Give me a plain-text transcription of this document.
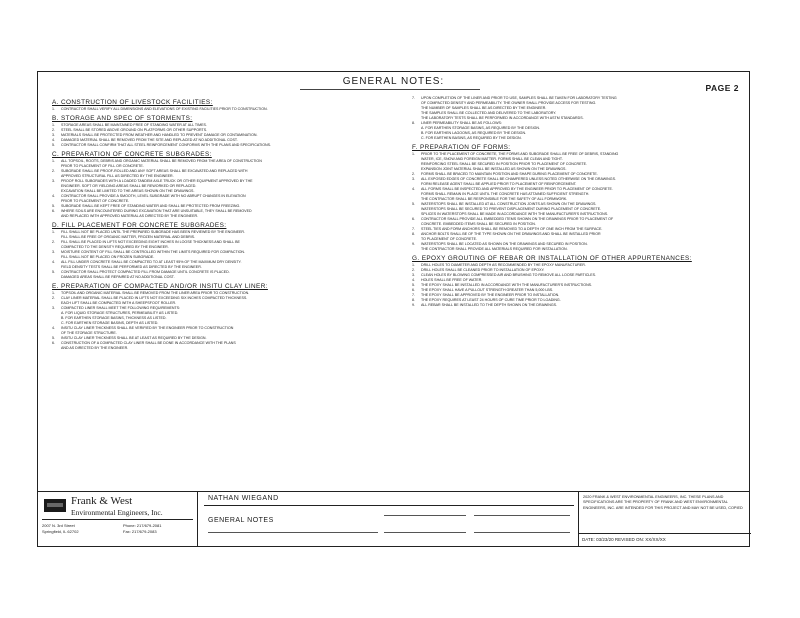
GENERAL NOTES:
PAGE 2
A. CONSTRUCTION OF LIVESTOCK FACILITIES:
1.	CONTRACTOR SHALL VERIFY ALL DIMENSIONS AND ELEVATIONS OF EXISTING FACILITIES PRIOR TO CONSTRUCTION.
B. STORAGE AND SPEC OF STORMENTS:
1.	STORAGE AREAS SHALL BE MAINTAINED FREE OF STANDING WATER AT ALL TIMES.
2.	STEEL SHALL BE STORED ABOVE GROUND ON PLATFORMS OR OTHER SUPPORTS.
3.	MATERIALS SHALL BE PROTECTED FROM WEATHER AND HANDLED TO PREVENT DAMAGE OR CONTAMINATION.
4.	DAMAGED MATERIAL SHALL BE REMOVED FROM THE SITE AND REPLACED AT NO ADDITIONAL COST.
5.	CONTRACTOR SHALL CONFIRM THAT ALL STEEL REINFORCEMENT CONFORMS WITH THE PLANS AND SPECIFICATIONS.
C. PREPARATION OF CONCRETE SUBGRADES:
1.	ALL TOPSOIL, ROOTS, DEBRIS AND ORGANIC MATERIAL SHALL BE REMOVED FROM THE AREA OF CONSTRUCTION
PRIOR TO PLACEMENT OF FILL OR CONCRETE.
2.	SUBGRADE SHALL BE PROOF-ROLLED AND ANY SOFT AREAS SHALL BE EXCAVATED AND REPLACED WITH
APPROVED STRUCTURAL FILL AS DIRECTED BY THE ENGINEER.
3.	PROOF ROLL SUBGRADES WITH A LOADED TANDEM AXLE TRUCK OR OTHER EQUIPMENT APPROVED BY THE
ENGINEER. SOFT OR YIELDING AREAS SHALL BE REWORKED OR REPLACED.
EXCAVATION SHALL BE LIMITED TO THE AREAS SHOWN ON THE DRAWINGS.
4.	CONTRACTOR SHALL PROVIDE A SMOOTH, LEVEL SUBGRADE WITH NO ABRUPT CHANGES IN ELEVATION
PRIOR TO PLACEMENT OF CONCRETE.
5.	SUBGRADE SHALL BE KEPT FREE OF STANDING WATER AND SHALL BE PROTECTED FROM FREEZING.
6.	WHERE SOILS ARE ENCOUNTERED DURING EXCAVATION THAT ARE UNSUITABLE, THEY SHALL BE REMOVED
AND REPLACED WITH APPROVED MATERIAL AS DIRECTED BY THE ENGINEER.
D. FILL PLACEMENT FOR CONCRETE SUBGRADES:
1.	FILL SHALL NOT BE PLACED UNTIL THE PREPARED SUBGRADE HAS BEEN REVIEWED BY THE ENGINEER.
FILL SHALL BE FREE OF ORGANIC MATTER, FROZEN MATERIAL AND DEBRIS.
2.	FILL SHALL BE PLACED IN LIFTS NOT EXCEEDING EIGHT INCHES IN LOOSE THICKNESS AND SHALL BE
COMPACTED TO THE DENSITY REQUIRED BY THE ENGINEER.
3.	MOISTURE CONTENT OF FILL SHALL BE CONTROLLED WITHIN THE LIMITS REQUIRED FOR COMPACTION.
FILL SHALL NOT BE PLACED ON FROZEN SUBGRADE.
4.	ALL FILL UNDER CONCRETE SHALL BE COMPACTED TO AT LEAST 95% OF THE MAXIMUM DRY DENSITY.
FIELD DENSITY TESTS SHALL BE PERFORMED AS DIRECTED BY THE ENGINEER.
5.	CONTRACTOR SHALL PROTECT COMPACTED FILL FROM DAMAGE UNTIL CONCRETE IS PLACED.
DAMAGED AREAS SHALL BE REPAIRED AT NO ADDITIONAL COST.
E. PREPARATION OF COMPACTED AND/OR INSITU CLAY LINER:
1.	TOPSOIL AND ORGANIC MATERIAL SHALL BE REMOVED FROM THE LINER AREA PRIOR TO CONSTRUCTION.
2.	CLAY LINER MATERIAL SHALL BE PLACED IN LIFTS NOT EXCEEDING SIX INCHES COMPACTED THICKNESS.
EACH LIFT SHALL BE COMPACTED WITH A SHEEPSFOOT ROLLER.
3.	COMPACTED LINER SHALL MEET THE FOLLOWING REQUIREMENTS:
A. FOR LIQUID STORAGE STRUCTURES, PERMEABILITY AS LISTED.
B. FOR EARTHEN STORAGE BASINS, THICKNESS AS LISTED.
C. FOR EARTHEN STORAGE BASINS, DEPTH AS LISTED.
4.	INSITU CLAY LINER THICKNESS SHALL BE VERIFIED BY THE ENGINEER PRIOR TO CONSTRUCTION
OF THE STORAGE STRUCTURE.
5.	INSITU CLAY LINER THICKNESS SHALL BE AT LEAST AS REQUIRED BY THE DESIGN.
6.	CONSTRUCTION OF A COMPACTED CLAY LINER SHALL BE DONE IN ACCORDANCE WITH THE PLANS
AND AS DIRECTED BY THE ENGINEER.
7.	UPON COMPLETION OF THE LINER AND PRIOR TO USE, SAMPLES SHALL BE TAKEN FOR LABORATORY TESTING
OF COMPACTED DENSITY AND PERMEABILITY. THE OWNER SHALL PROVIDE ACCESS FOR TESTING.
THE NUMBER OF SAMPLES SHALL BE AS DIRECTED BY THE ENGINEER.
THE SAMPLES SHALL BE COLLECTED AND DELIVERED TO THE LABORATORY.
THE LABORATORY TESTS SHALL BE PERFORMED IN ACCORDANCE WITH ASTM STANDARDS.
8.	LINER PERMEABILITY SHALL BE AS FOLLOWS:
A. FOR EARTHEN STORAGE BASINS, AS REQUIRED BY THE DESIGN.
B. FOR EARTHEN LAGOONS, AS REQUIRED BY THE DESIGN.
C. FOR EARTHEN BASINS, AS REQUIRED BY THE DESIGN.
F. PREPARATION OF FORMS:
1.	PRIOR TO THE PLACEMENT OF CONCRETE, THE FORMS AND SUBGRADE SHALL BE FREE OF DEBRIS, STANDING
WATER, ICE, SNOW AND FOREIGN MATTER. FORMS SHALL BE CLEAN AND TIGHT.
REINFORCING STEEL SHALL BE SECURED IN POSITION PRIOR TO PLACEMENT OF CONCRETE.
EXPANSION JOINT MATERIAL SHALL BE INSTALLED AS SHOWN ON THE DRAWINGS.
2.	FORMS SHALL BE BRACED TO MAINTAIN POSITION AND SHAPE DURING PLACEMENT OF CONCRETE.
3.	ALL EXPOSED EDGES OF CONCRETE SHALL BE CHAMFERED UNLESS NOTED OTHERWISE ON THE DRAWINGS.
FORM RELEASE AGENT SHALL BE APPLIED PRIOR TO PLACEMENT OF REINFORCEMENT.
4.	ALL FORMS SHALL BE INSPECTED AND APPROVED BY THE ENGINEER PRIOR TO PLACEMENT OF CONCRETE.
FORMS SHALL REMAIN IN PLACE UNTIL THE CONCRETE HAS ATTAINED SUFFICIENT STRENGTH.
THE CONTRACTOR SHALL BE RESPONSIBLE FOR THE SAFETY OF ALL FORMWORK.
5.	WATERSTOPS SHALL BE INSTALLED AT ALL CONSTRUCTION JOINTS AS SHOWN ON THE DRAWINGS.
WATERSTOPS SHALL BE SECURED TO PREVENT DISPLACEMENT DURING PLACEMENT OF CONCRETE.
SPLICES IN WATERSTOPS SHALL BE MADE IN ACCORDANCE WITH THE MANUFACTURER'S INSTRUCTIONS.
6.	CONTRACTOR SHALL PROVIDE ALL EMBEDDED ITEMS SHOWN ON THE DRAWINGS PRIOR TO PLACEMENT OF
CONCRETE. EMBEDDED ITEMS SHALL BE SECURED IN POSITION.
7.	STEEL TIES AND FORM ANCHORS SHALL BE REMOVED TO A DEPTH OF ONE INCH FROM THE SURFACE.
8.	ANCHOR BOLTS SHALL BE OF THE TYPE SHOWN ON THE DRAWINGS AND SHALL BE INSTALLED PRIOR
TO PLACEMENT OF CONCRETE.
9.	WATERSTOPS SHALL BE LOCATED AS SHOWN ON THE DRAWINGS AND SECURED IN POSITION.
THE CONTRACTOR SHALL PROVIDE ALL MATERIALS REQUIRED FOR INSTALLATION.
G. EPOXY GROUTING OF REBAR OR INSTALLATION OF OTHER APPURTENANCES:
1.	DRILL HOLES TO DIAMETER AND DEPTH AS RECOMMENDED BY THE EPOXY MANUFACTURER.
2.	DRILL HOLES SHALL BE CLEANED PRIOR TO INSTALLATION OF EPOXY.
3.	CLEAN HOLES BY BLOWING COMPRESSED AIR AND BRUSHING TO REMOVE ALL LOOSE PARTICLES.
4.	HOLES SHALL BE FREE OF WATER.
5.	THE EPOXY SHALL BE INSTALLED IN ACCORDANCE WITH THE MANUFACTURER'S INSTRUCTIONS.
6.	THE EPOXY SHALL HAVE A PULLOUT STRENGTH GREATER THAN 5,000 LBS.
7.	THE EPOXY SHALL BE APPROVED BY THE ENGINEER PRIOR TO INSTALLATION.
8.	THE EPOXY REQUIRES AT LEAST 24 HOURS OF CURE TIME PRIOR TO LOADING.
9.	ALL REBAR SHALL BE INSTALLED TO THE DEPTH SHOWN ON THE DRAWINGS.
Frank & West
Environmental Engineers, Inc.
2007 N. 3rd Street
Springfield, IL 62702
Phone: 217/679-2081
Fax: 217/679-2083
NATHAN WIEGAND
GENERAL NOTES
2020 FRANK & WEST ENVIRONMENTAL ENGINEERS, INC. THESE PLANS AND SPECIFICATIONS ARE THE PROPERTY OF FRANK AND WEST ENVIRONMENTAL ENGINEERS, INC. ARE INTENDED FOR THIS PROJECT AND MAY NOT BE USED, COPIED
DATE: 03/23/20 REVISED ON: XX/XX/XX
